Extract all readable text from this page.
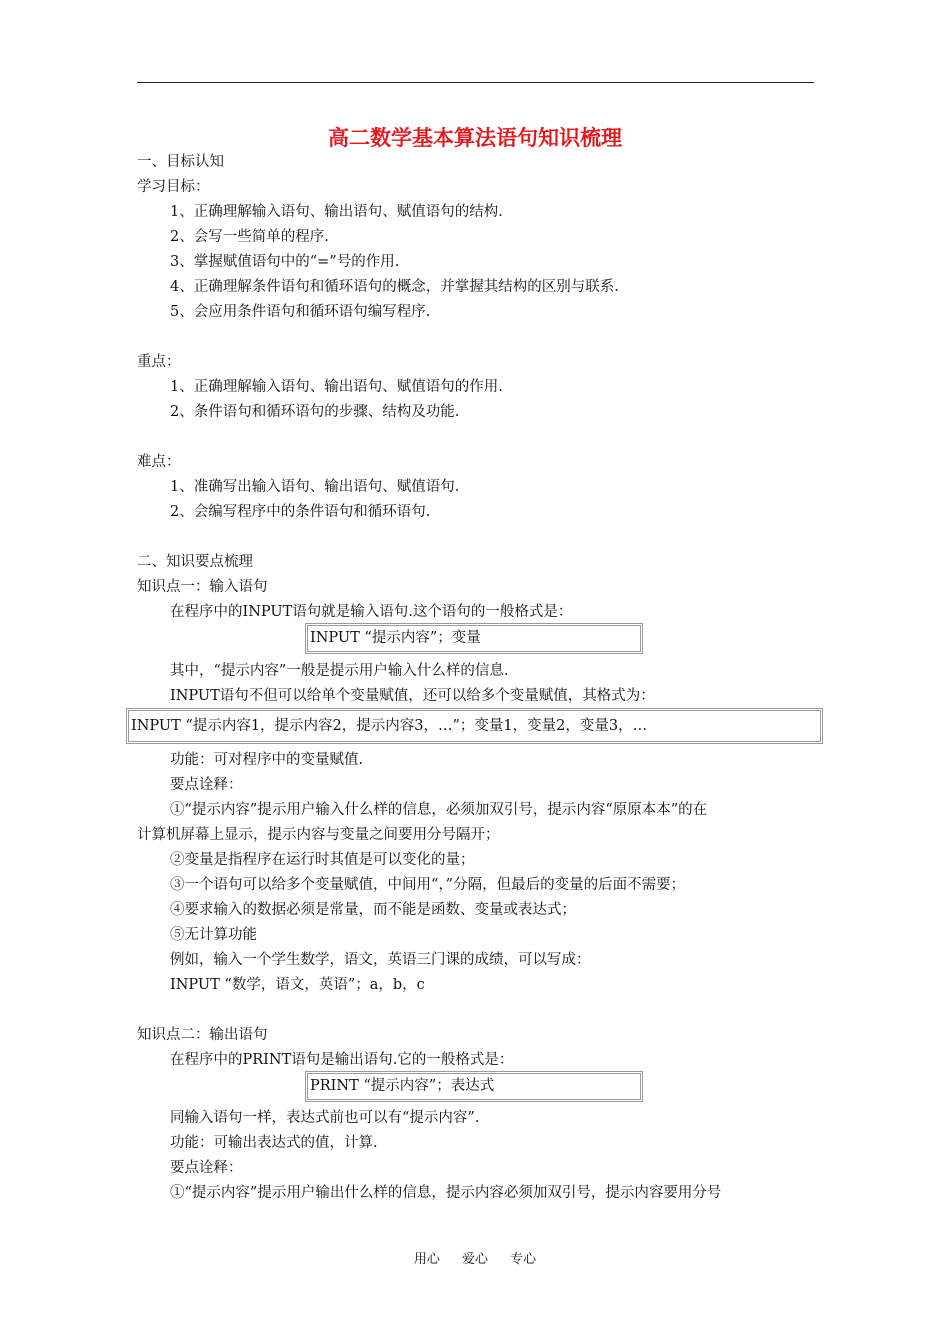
高二数学基本算法语句知识梳理
一、目标认知
学习目标：
1、正确理解输入语句、输出语句、赋值语句的结构.
2、会写一些简单的程序.
3、掌握赋值语句中的“=”号的作用.
4、正确理解条件语句和循环语句的概念，并掌握其结构的区别与联系.
5、会应用条件语句和循环语句编写程序.
重点：
1、正确理解输入语句、输出语句、赋值语句的作用.
2、条件语句和循环语句的步骤、结构及功能.
难点：
1、准确写出输入语句、输出语句、赋值语句.
2、会编写程序中的条件语句和循环语句.
二、知识要点梳理
知识点一：输入语句
在程序中的INPUT语句就是输入语句.这个语句的一般格式是：
INPUT “提示内容”；变量
其中，“提示内容”一般是提示用户输入什么样的信息.
INPUT语句不但可以给单个变量赋值，还可以给多个变量赋值，其格式为：
INPUT “提示内容1，提示内容2，提示内容3，…”；变量1，变量2，变量3，…
功能：可对程序中的变量赋值.
要点诠释：
①“提示内容”提示用户输入什么样的信息，必须加双引号，提示内容“原原本本”的在
计算机屏幕上显示，提示内容与变量之间要用分号隔开；
②变量是指程序在运行时其值是可以变化的量；
③一个语句可以给多个变量赋值，中间用“，”分隔，但最后的变量的后面不需要；
④要求输入的数据必须是常量，而不能是函数、变量或表达式；
⑤无计算功能
例如，输入一个学生数学，语文，英语三门课的成绩，可以写成：
INPUT “数学，语文，英语”；a，b，c
知识点二：输出语句
在程序中的PRINT语句是输出语句.它的一般格式是：
PRINT “提示内容”；表达式
同输入语句一样，表达式前也可以有“提示内容”.
功能：可输出表达式的值，计算.
要点诠释：
①“提示内容”提示用户输出什么样的信息，提示内容必须加双引号，提示内容要用分号
用心 爱心 专心
